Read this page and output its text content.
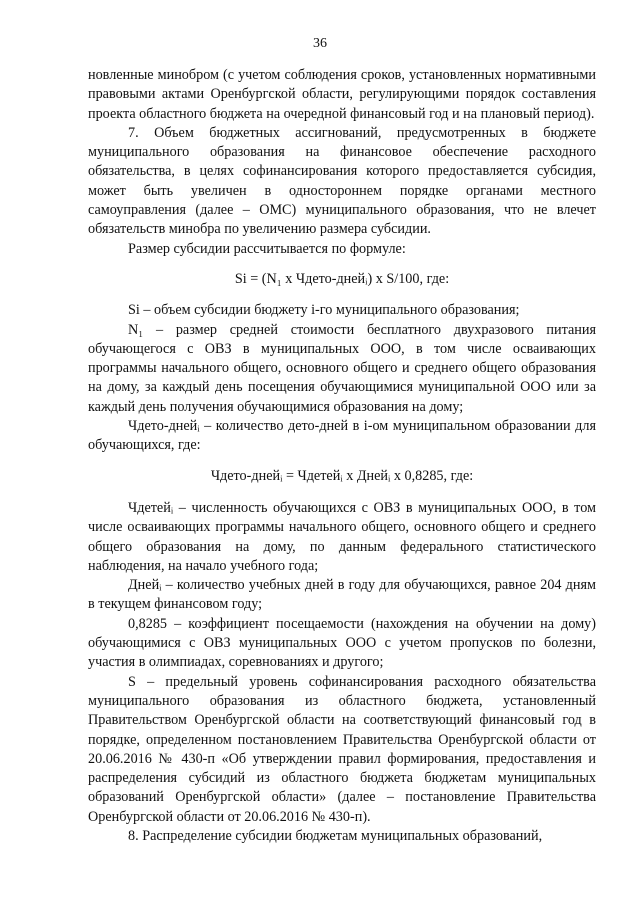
36

новленные минобром (с учетом соблюдения сроков, установленных нормативными правовыми актами Оренбургской области, регулирующими порядок составления проекта областного бюджета на очередной финансовый год и на плановый период).

7. Объем бюджетных ассигнований, предусмотренных в бюджете муниципального образования на финансовое обеспечение расходного обязательства, в целях софинансирования которого предоставляется субсидия, может быть увеличен в одностороннем порядке органами местного самоуправления (далее – ОМС) муниципального образования, что не влечет обязательств минобра по увеличению размера субсидии.

Размер субсидии рассчитывается по формуле:

Si = (N₁ x Чдето-днейᵢ) x S/100, где:

Si – объем субсидии бюджету i-го муниципального образования;

N₁ – размер средней стоимости бесплатного двухразового питания обучающегося с ОВЗ в муниципальных ООО, в том числе осваивающих программы начального общего, основного общего и среднего общего образования на дому, за каждый день посещения обучающимися муниципальной ООО или за каждый день получения обучающимися образования на дому;

Чдето-днейᵢ – количество дето-дней в i-ом муниципальном образовании для обучающихся, где:

Чдето-днейᵢ = Чдетейᵢ x Днейᵢ x 0,8285, где:

Чдетейᵢ – численность обучающихся с ОВЗ в муниципальных ООО, в том числе осваивающих программы начального общего, основного общего и среднего общего образования на дому, по данным федерального статистического наблюдения, на начало учебного года;

Днейᵢ – количество учебных дней в году для обучающихся, равное 204 дням в текущем финансовом году;

0,8285 – коэффициент посещаемости (нахождения на обучении на дому) обучающимися с ОВЗ муниципальных ООО с учетом пропусков по болезни, участия в олимпиадах, соревнованиях и другого;

S – предельный уровень софинансирования расходного обязательства муниципального образования из областного бюджета, установленный Правительством Оренбургской области на соответствующий финансовый год в порядке, определенном постановлением Правительства Оренбургской области от 20.06.2016 № 430-п «Об утверждении правил формирования, предоставления и распределения субсидий из областного бюджета бюджетам муниципальных образований Оренбургской области» (далее – постановление Правительства Оренбургской области от 20.06.2016 № 430-п).

8. Распределение субсидии бюджетам муниципальных образований,
